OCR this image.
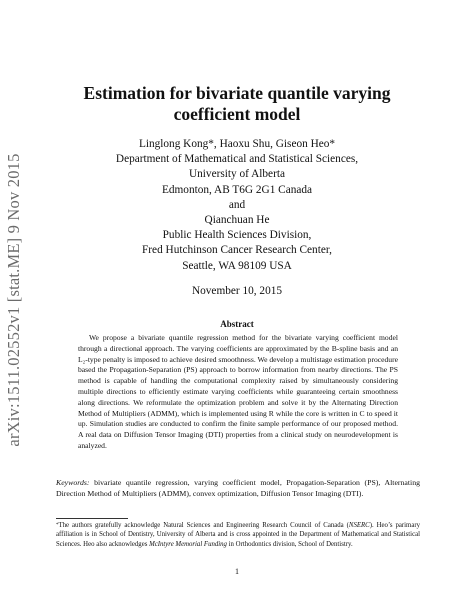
arXiv:1511.02552v1 [stat.ME] 9 Nov 2015
Estimation for bivariate quantile varying
coefficient model
Linglong Kong*, Haoxu Shu, Giseon Heo*
Department of Mathematical and Statistical Sciences,
University of Alberta
Edmonton, AB T6G 2G1 Canada
and
Qianchuan He
Public Health Sciences Division,
Fred Hutchinson Cancer Research Center,
Seattle, WA 98109 USA
November 10, 2015
Abstract

We propose a bivariate quantile regression method for the bivariate varying coefficient model through a directional approach. The varying coefficients are approximated by the B-spline basis and an L₂-type penalty is imposed to achieve desired smoothness. We develop a multistage estimation procedure based the Propagation-Separation (PS) approach to borrow information from nearby directions. The PS method is capable of handling the computational complexity raised by simultaneously considering multiple directions to efficiently estimate varying coefficients while guaranteeing certain smoothness along directions. We reformulate the optimization problem and solve it by the Alternating Direction Method of Multipliers (ADMM), which is implemented using R while the core is written in C to speed it up. Simulation studies are conducted to confirm the finite sample performance of our proposed method. A real data on Diffusion Tensor Imaging (DTI) properties from a clinical study on neurodevelopment is analyzed.

Keywords: bivariate quantile regression, varying coefficient model, Propagation-Separation (PS), Alternating Direction Method of Multipliers (ADMM), convex optimization, Diffusion Tensor Imaging (DTI).

*The authors gratefully acknowledge Natural Sciences and Engineering Research Council of Canada (NSERC). Heo’s parimary affiliation is in School of Dentistry, University of Alberta and is cross appointed in the Department of Mathematical and Statistical Sciences. Heo also acknowledges McIntyre Memorial Funding in Orthodontics division, School of Dentistry.

1
